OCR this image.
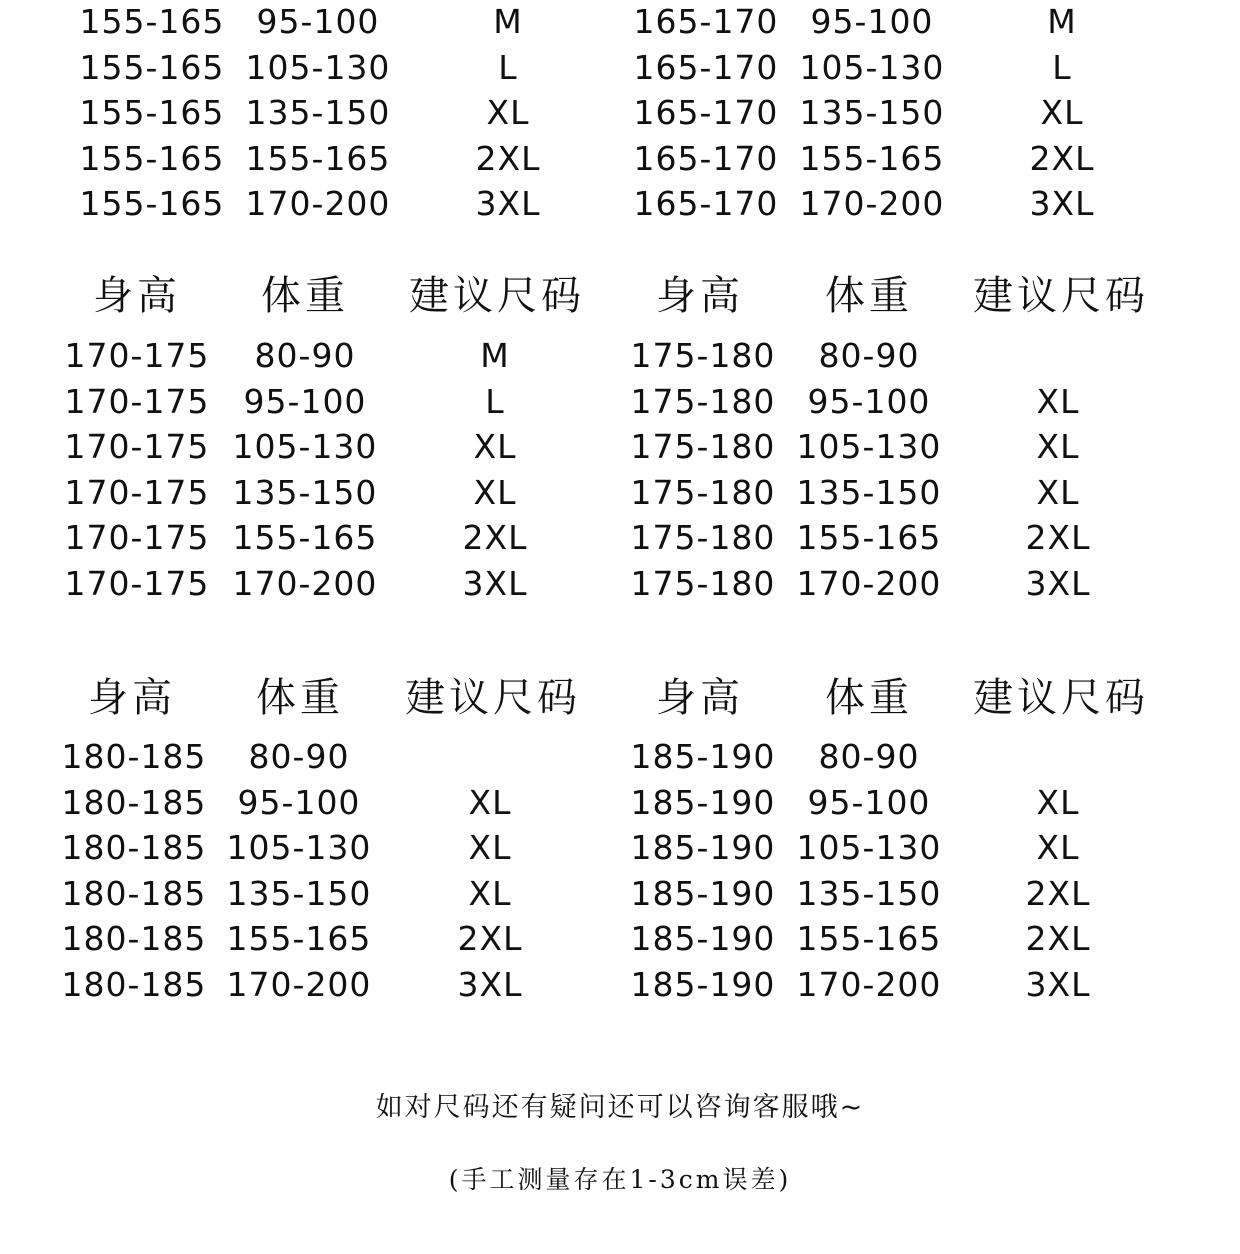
155-165 95-100	M
155-165 105-130	L
155-165 135-150	XL
155-165 155-165	2XL
155-165 170-200	3XL
165-170 95-100	M
165-170 105-130	L
165-170 135-150	XL
165-170 155-165	2XL
165-170 170-200	3XL
身高	体重	建议尺码
170-175	80-90	M
170-175	95-100	L
170-175 105-130	XL
170-175 135-150	XL
170-175 155-165	2XL
170-175 170-200	3XL
身高	体重	建议尺码
175-180	80-90
175-180 95-100	XL
175-180 105-130	XL
175-180 135-150	XL
175-180 155-165	2XL
175-180 170-200	3XL
身高	体重	建议尺码
180-185	80-90
180-185 95-100	XL
180-185 105-130	XL
180-185 135-150	XL
180-185 155-165	2XL
180-185 170-200	3XL
身高	体重	建议尺码
185-190	80-90
185-190 95-100	XL
185-190 105-130	XL
185-190 135-150	2XL
185-190 155-165	2XL
185-190 170-200	3XL
如对尺码还有疑问还可以咨询客服哦~
(手工测量存在1-3cm误差)
